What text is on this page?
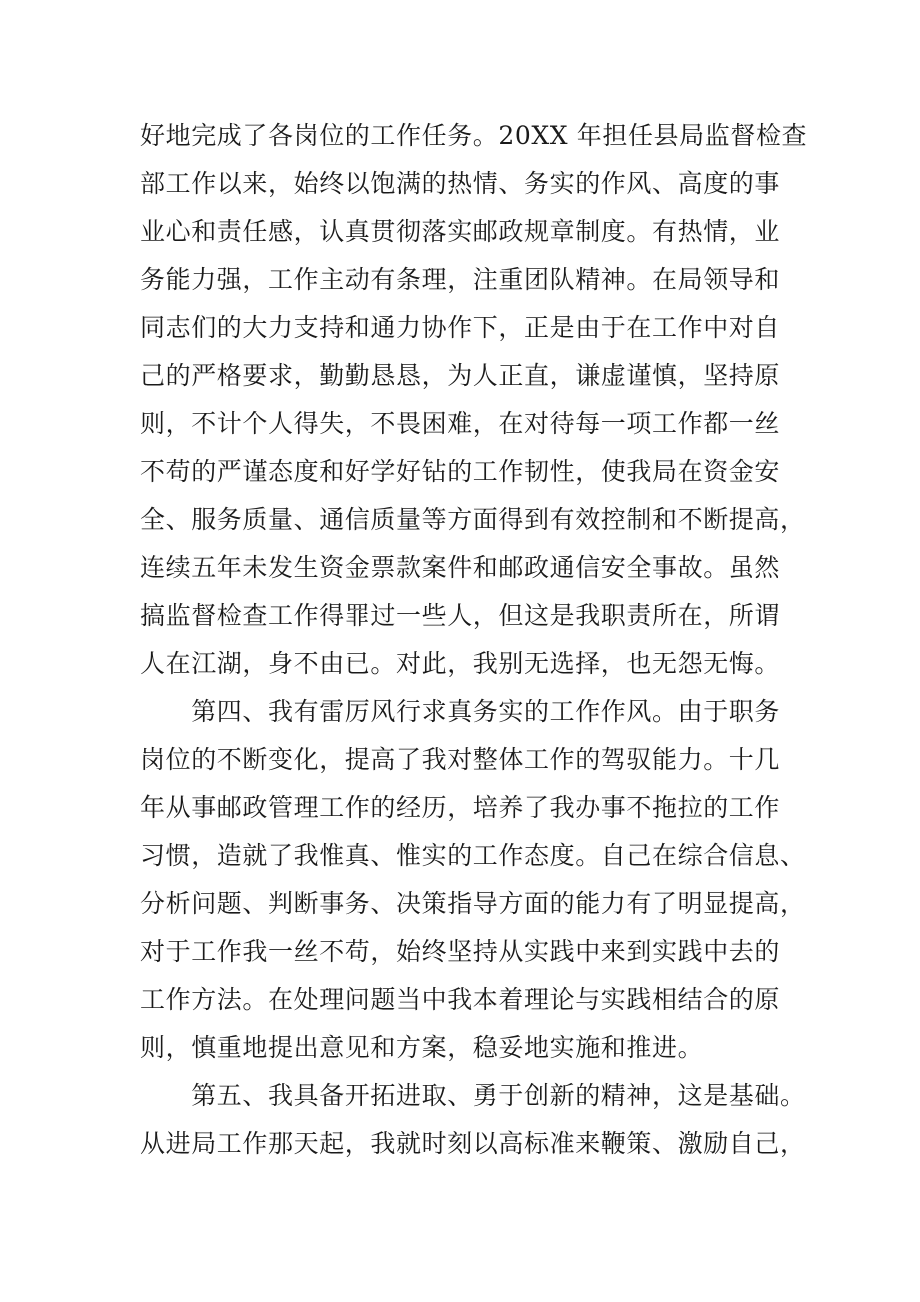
好地完成了各岗位的工作任务。20XX 年担任县局监督检查
部工作以来，始终以饱满的热情、务实的作风、高度的事
业心和责任感，认真贯彻落实邮政规章制度。有热情，业
务能力强，工作主动有条理，注重团队精神。在局领导和
同志们的大力支持和通力协作下，正是由于在工作中对自
己的严格要求，勤勤恳恳，为人正直，谦虚谨慎，坚持原
则，不计个人得失，不畏困难，在对待每一项工作都一丝
不苟的严谨态度和好学好钻的工作韧性，使我局在资金安
全、服务质量、通信质量等方面得到有效控制和不断提高，
连续五年未发生资金票款案件和邮政通信安全事故。虽然
搞监督检查工作得罪过一些人，但这是我职责所在，所谓
人在江湖，身不由已。对此，我别无选择，也无怨无悔。
　　第四、我有雷厉风行求真务实的工作作风。由于职务
岗位的不断变化，提高了我对整体工作的驾驭能力。十几
年从事邮政管理工作的经历，培养了我办事不拖拉的工作
习惯，造就了我惟真、惟实的工作态度。自己在综合信息、
分析问题、判断事务、决策指导方面的能力有了明显提高，
对于工作我一丝不苟，始终坚持从实践中来到实践中去的
工作方法。在处理问题当中我本着理论与实践相结合的原
则，慎重地提出意见和方案，稳妥地实施和推进。
　　第五、我具备开拓进取、勇于创新的精神，这是基础。
从进局工作那天起，我就时刻以高标准来鞭策、激励自己，
